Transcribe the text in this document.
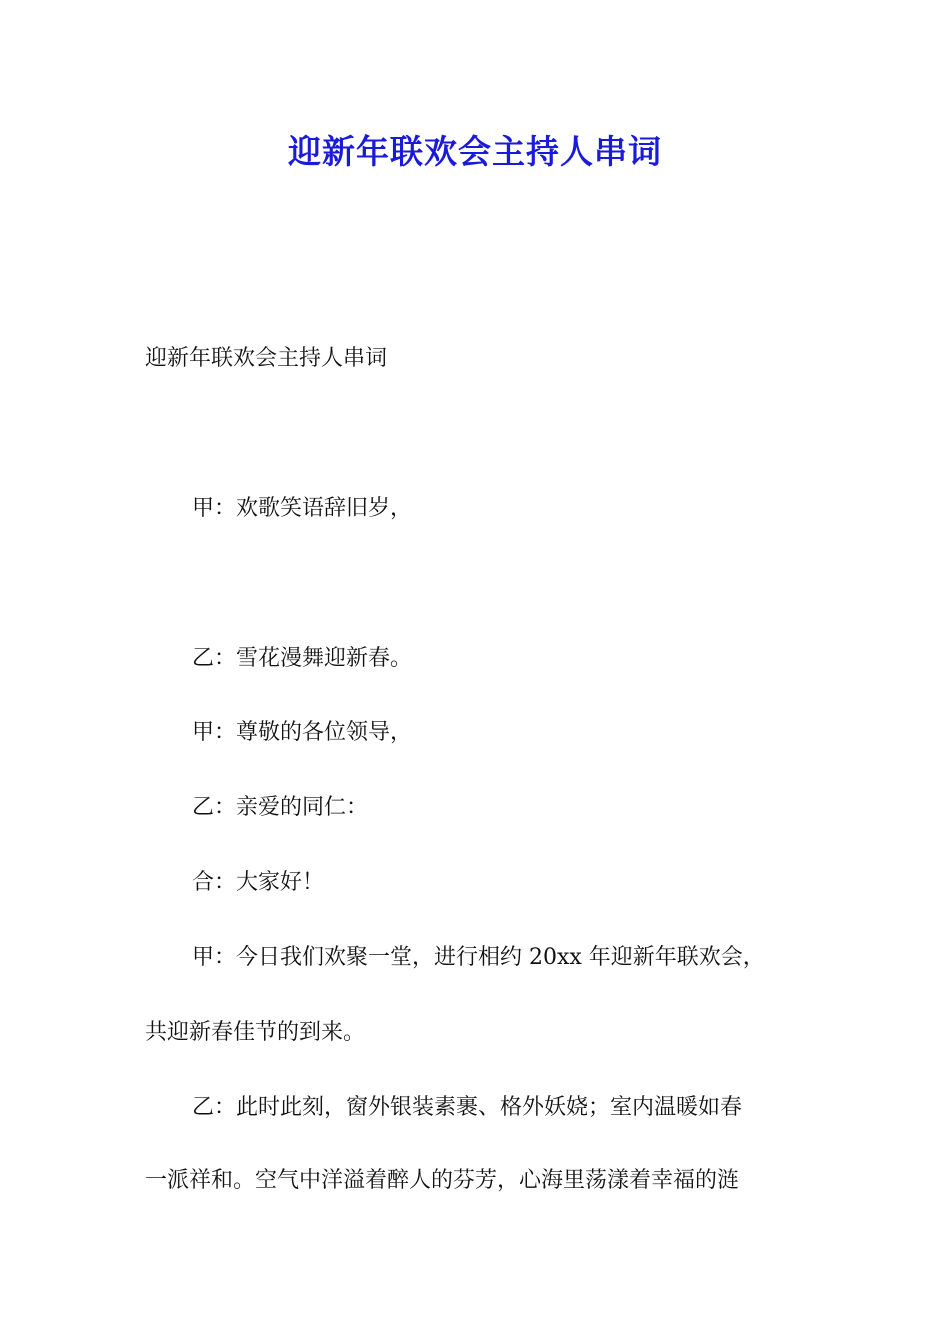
迎新年联欢会主持人串词
迎新年联欢会主持人串词
甲：欢歌笑语辞旧岁，
乙：雪花漫舞迎新春。
甲：尊敬的各位领导，
乙：亲爱的同仁：
合：大家好！
甲：今日我们欢聚一堂，进行相约 20xx 年迎新年联欢会，
共迎新春佳节的到来。
乙：此时此刻，窗外银装素裹、格外妖娆；室内温暖如春
一派祥和。空气中洋溢着醉人的芬芳，心海里荡漾着幸福的涟
